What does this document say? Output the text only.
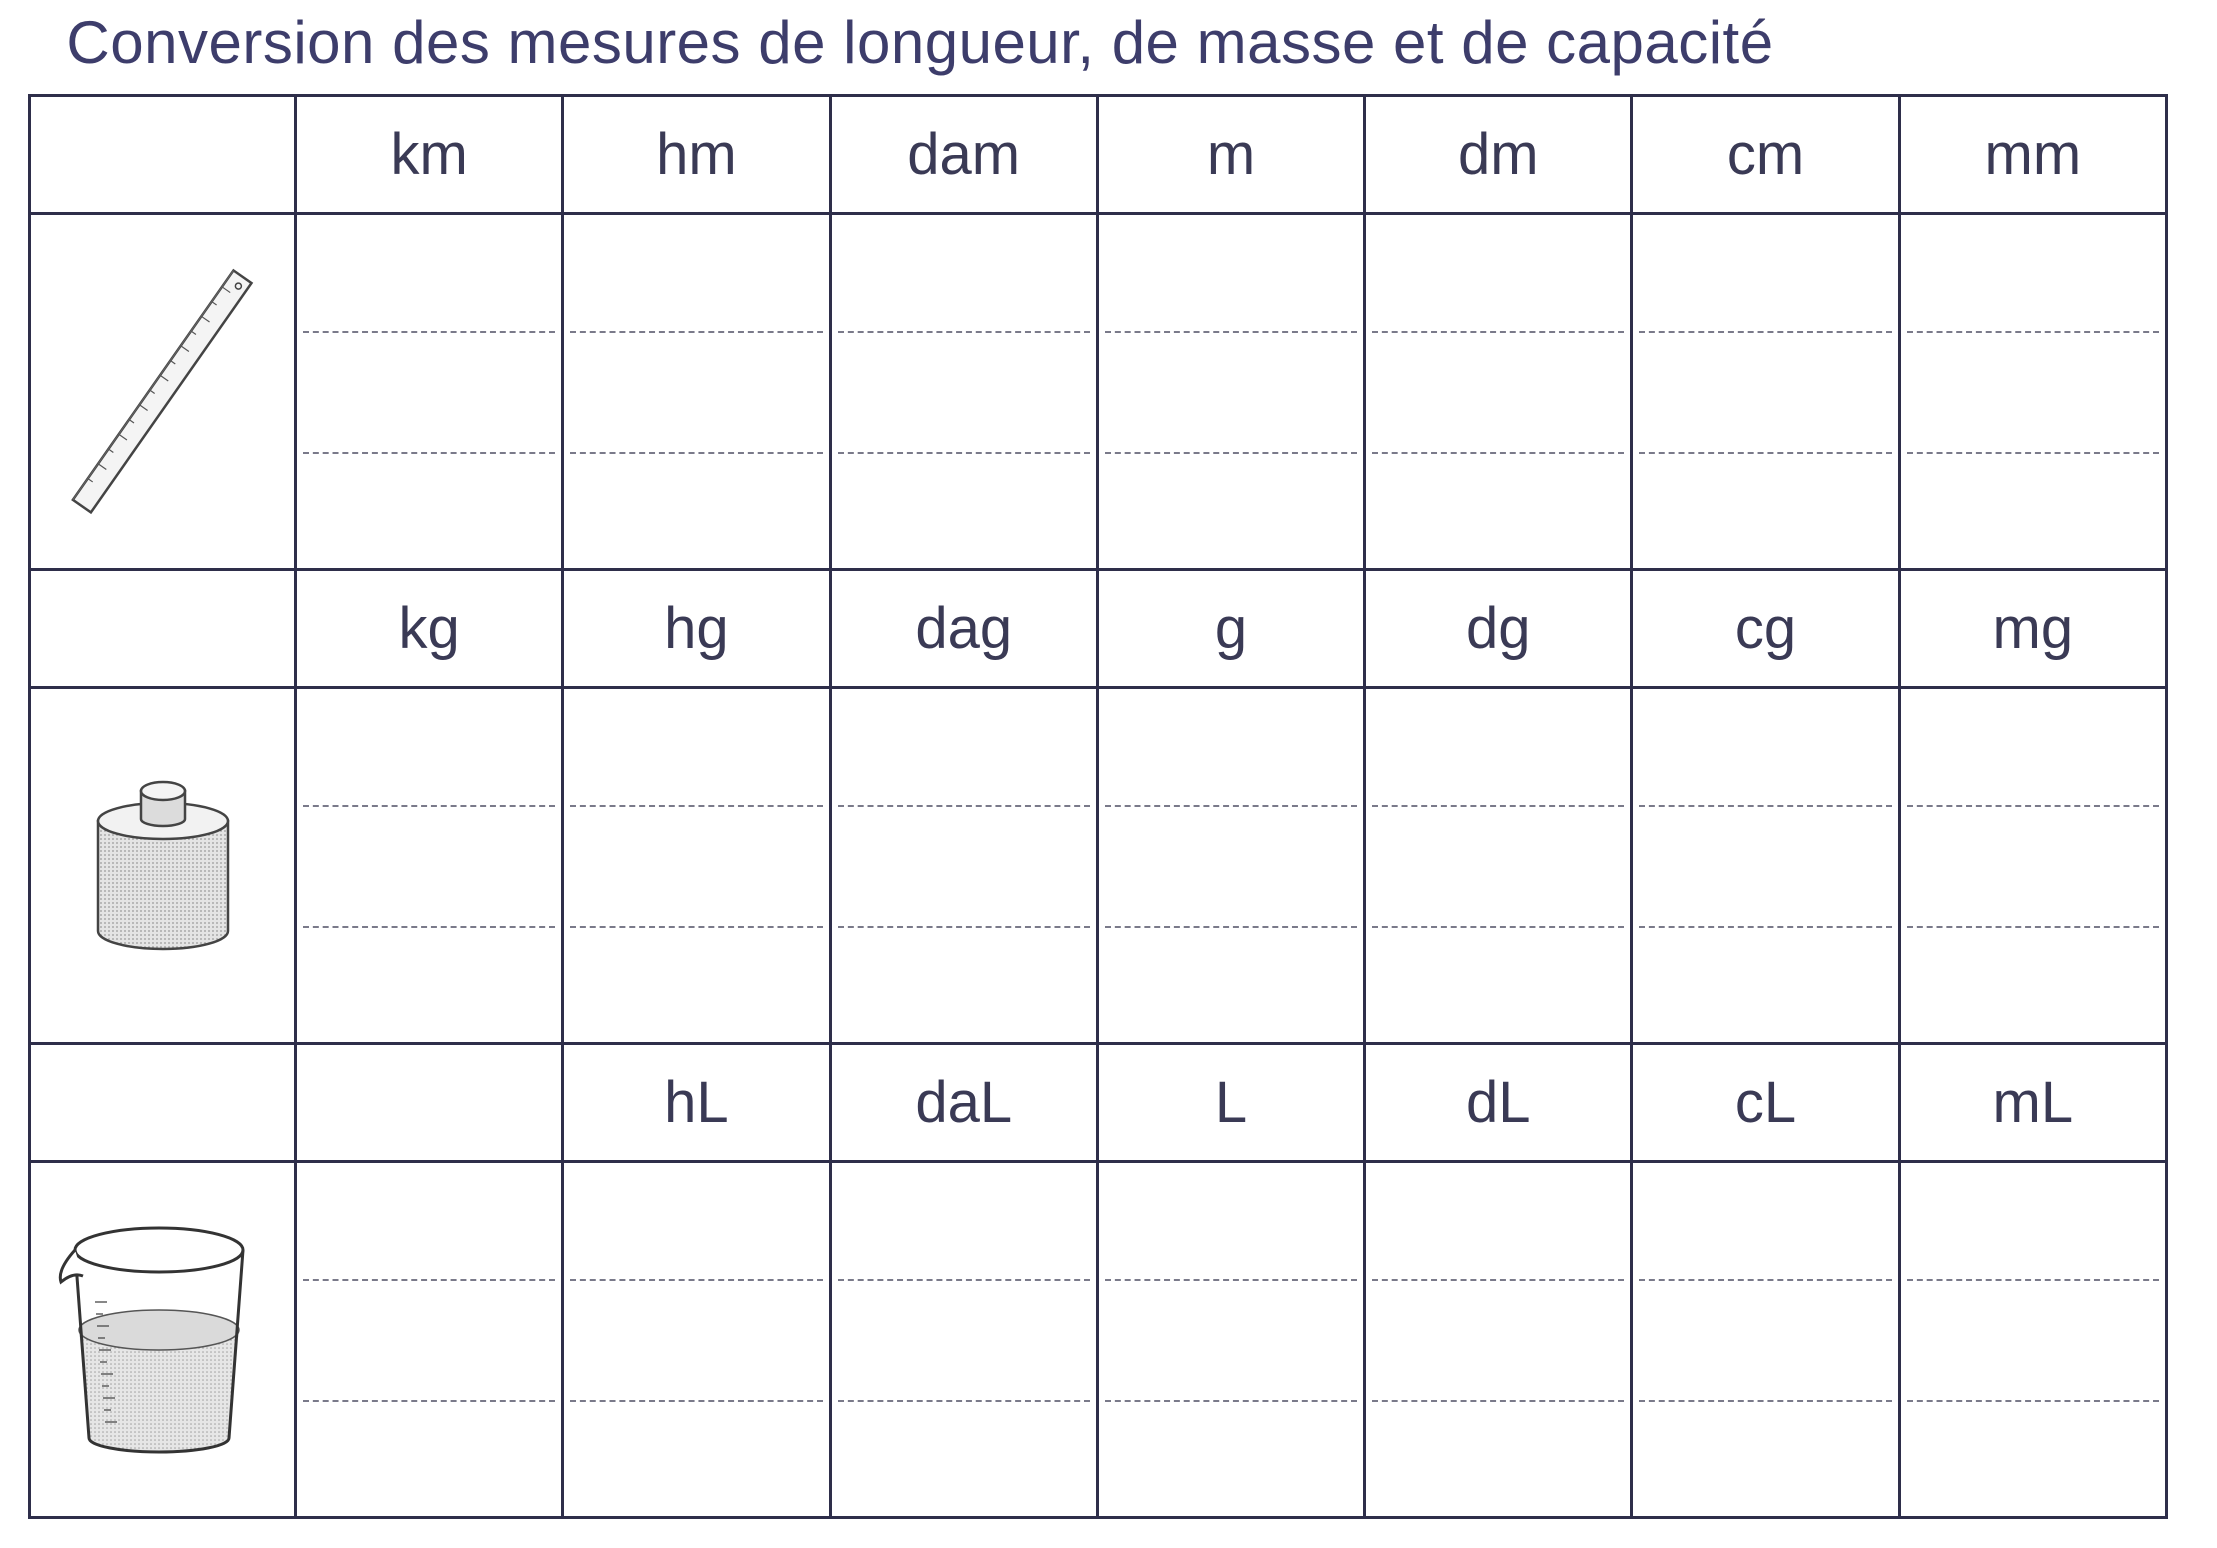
Conversion des mesures de longueur, de masse et de capacité
	km	hm	dam	m	dm	cm	mm

	kg	hg	dag	g	dg	cg	mg

		hL	daL	L	dL	cL	mL
